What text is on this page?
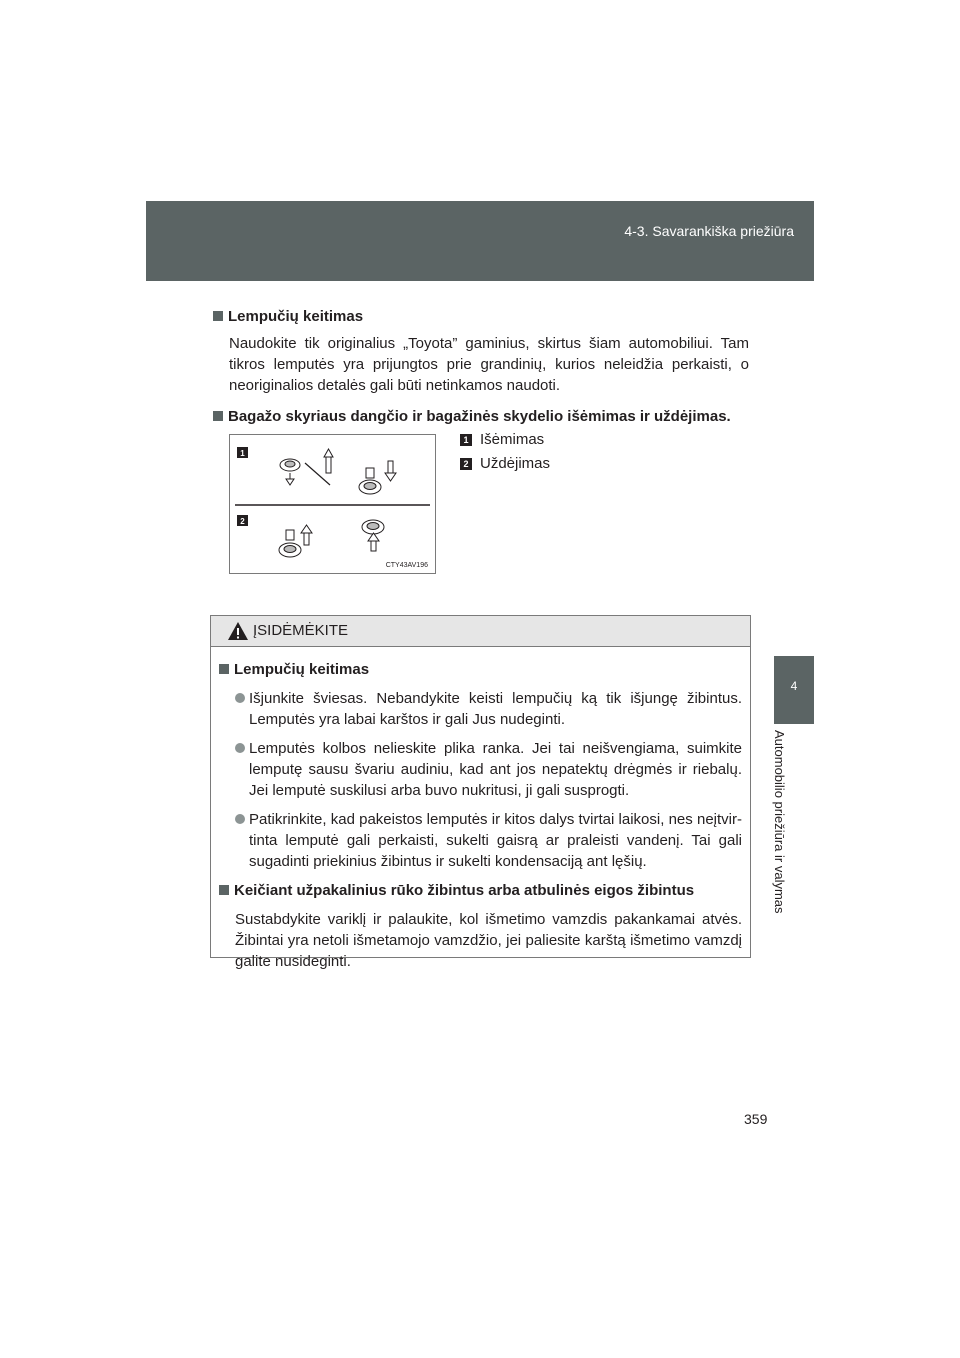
4-3. Savarankiška priežiūra
4
Automobilio priežiūra ir valymas

Lempučių keitimas

Naudokite tik originalius „Toyota” gaminius, skirtus šiam automobiliui. Tam tikros lemputės yra prijungtos prie grandinių, kurios neleidžia perkaisti, o neoriginalios detalės gali būti netinkamos naudoti.

Bagažo skyriaus dangčio ir bagažinės skydelio išėmimas ir uždėjimas.

1
2
CTY43AV196
1 Išėmimas
2 Uždėjimas
ĮSIDĖMĖKITE

Lempučių keitimas

Išjunkite šviesas. Nebandykite keisti lempučių ką tik išjungę žibintus. Lemputės yra labai karštos ir gali Jus nudeginti.
Lemputės kolbos nelieskite plika ranka. Jei tai neišvengiama, suimkite lemputę sausu švariu audiniu, kad ant jos nepatektų drėgmės ir riebalų. Jei lemputė suskilusi arba buvo nukritusi, ji gali susprogti.
Patikrinkite, kad pakeistos lemputės ir kitos dalys tvirtai laikosi, nes neįtvirtinta lemputė gali perkaisti, sukelti gaisrą ar praleisti vandenį. Tai gali sugadinti priekinius žibintus ir sukelti kondensaciją ant lęšių.

Keičiant užpakalinius rūko žibintus arba atbulinės eigos žibintus

Sustabdykite variklį ir palaukite, kol išmetimo vamzdis pakankamai atvės. Žibintai yra netoli išmetamojo vamzdžio, jei paliesite karštą išmetimo vamzdį galite nusideginti.

359
